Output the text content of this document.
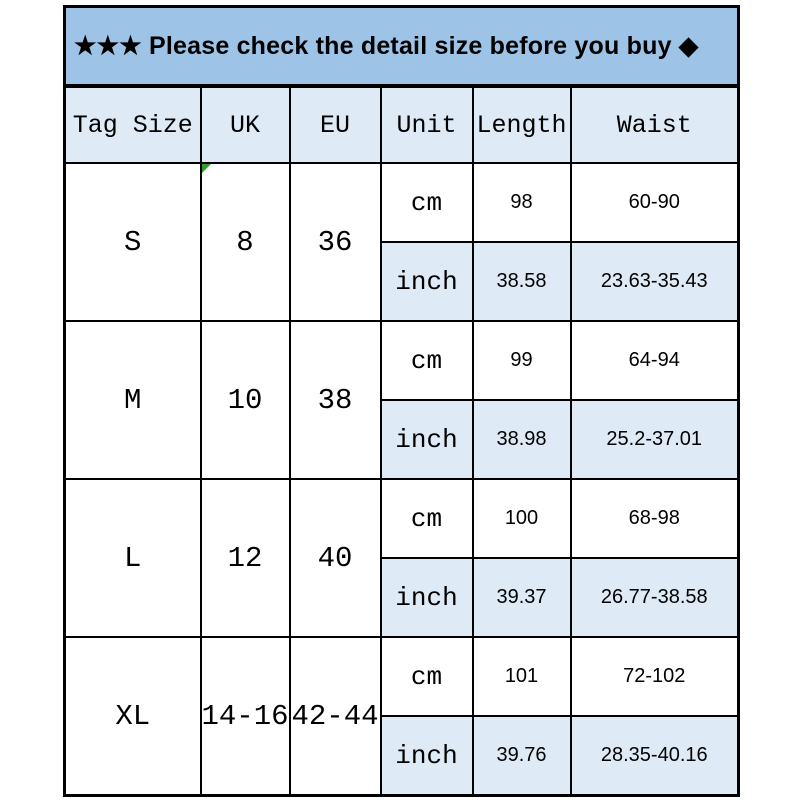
★★★ Please check the detail size before you buy ◆					
Tag Size	UK	EU	Unit	Length	Waist
S	8	36	cm	98	60-90
			inch	38.58	23.63-35.43
M	10	38	cm	99	64-94
			inch	38.98	25.2-37.01
L	12	40	cm	100	68-98
			inch	39.37	26.77-38.58
XL	14-16	42-44	cm	101	72-102
			inch	39.76	28.35-40.16
